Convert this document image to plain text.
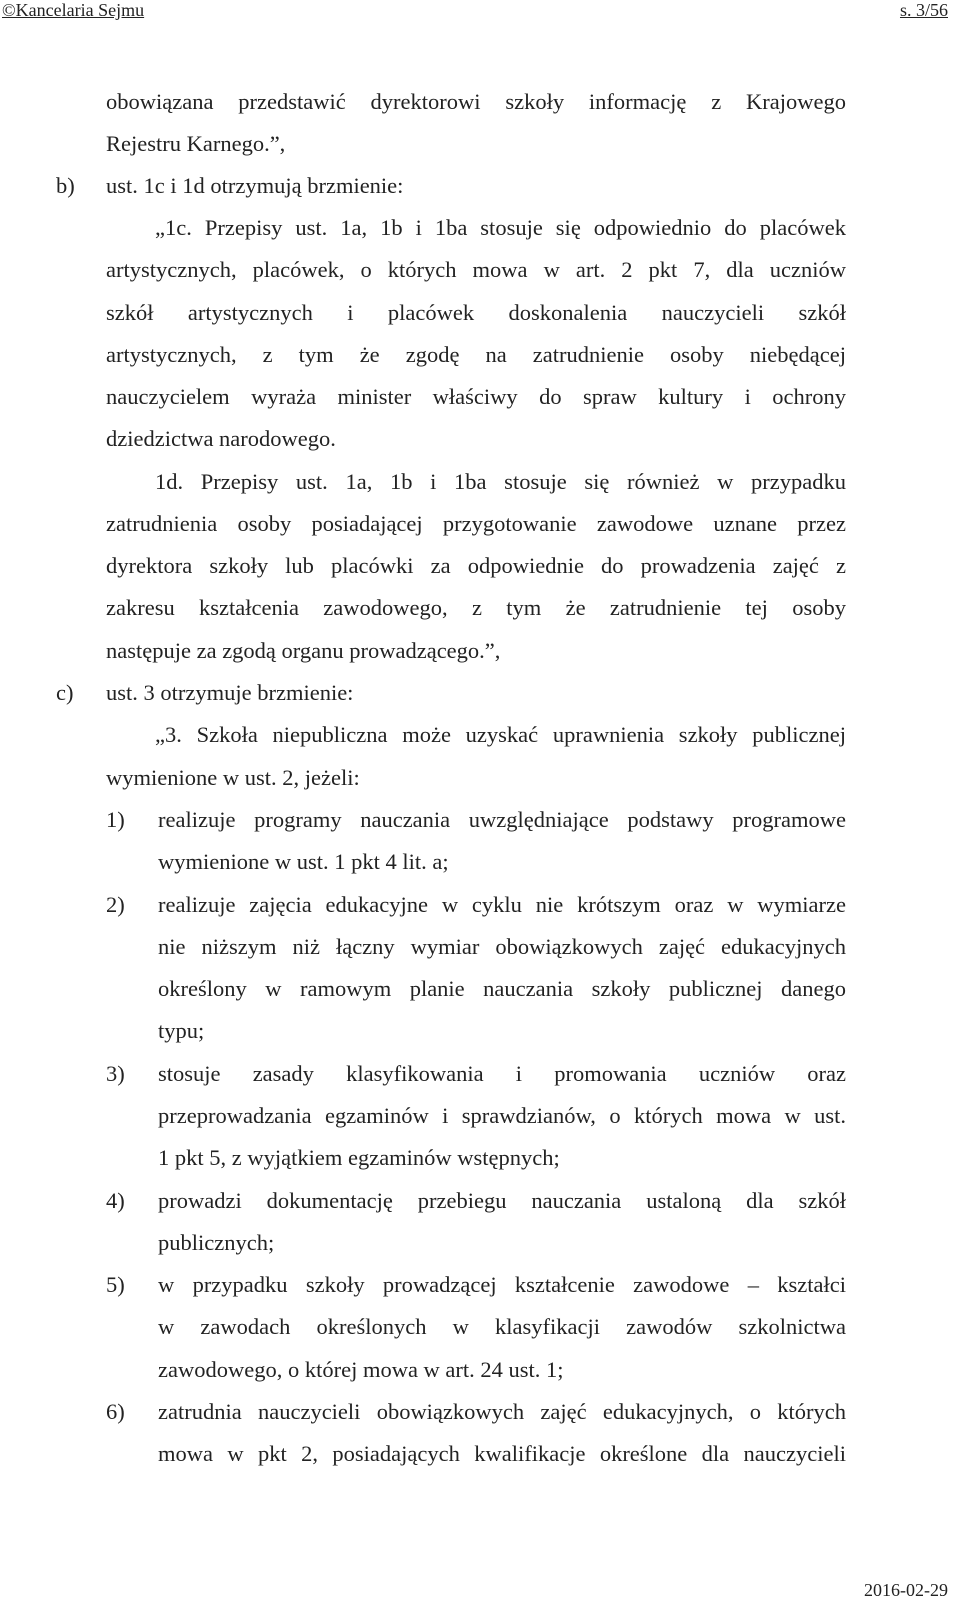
©Kancelaria Sejmu	s. 3/56
obowiązana przedstawić dyrektorowi szkoły informację z Krajowego
Rejestru Karnego.”,
b) ust. 1c i 1d otrzymują brzmienie:
„1c. Przepisy ust. 1a, 1b i 1ba stosuje się odpowiednio do placówek
artystycznych, placówek, o których mowa w art. 2 pkt 7, dla uczniów
szkół artystycznych i placówek doskonalenia nauczycieli szkół
artystycznych, z tym że zgodę na zatrudnienie osoby niebędącej
nauczycielem wyraża minister właściwy do spraw kultury i ochrony
dziedzictwa narodowego.
1d. Przepisy ust. 1a, 1b i 1ba stosuje się również w przypadku
zatrudnienia osoby posiadającej przygotowanie zawodowe uznane przez
dyrektora szkoły lub placówki za odpowiednie do prowadzenia zajęć z
zakresu kształcenia zawodowego, z tym że zatrudnienie tej osoby
następuje za zgodą organu prowadzącego.”,
c) ust. 3 otrzymuje brzmienie:
„3. Szkoła niepubliczna może uzyskać uprawnienia szkoły publicznej
wymienione w ust. 2, jeżeli:
1) realizuje programy nauczania uwzględniające podstawy programowe
wymienione w ust. 1 pkt 4 lit. a;
2) realizuje zajęcia edukacyjne w cyklu nie krótszym oraz w wymiarze
nie niższym niż łączny wymiar obowiązkowych zajęć edukacyjnych
określony w ramowym planie nauczania szkoły publicznej danego
typu;
3) stosuje zasady klasyfikowania i promowania uczniów oraz
przeprowadzania egzaminów i sprawdzianów, o których mowa w ust.
1 pkt 5, z wyjątkiem egzaminów wstępnych;
4) prowadzi dokumentację przebiegu nauczania ustaloną dla szkół
publicznych;
5) w przypadku szkoły prowadzącej kształcenie zawodowe – kształci
w zawodach określonych w klasyfikacji zawodów szkolnictwa
zawodowego, o której mowa w art. 24 ust. 1;
6) zatrudnia nauczycieli obowiązkowych zajęć edukacyjnych, o których
mowa w pkt 2, posiadających kwalifikacje określone dla nauczycieli
2016-02-29
